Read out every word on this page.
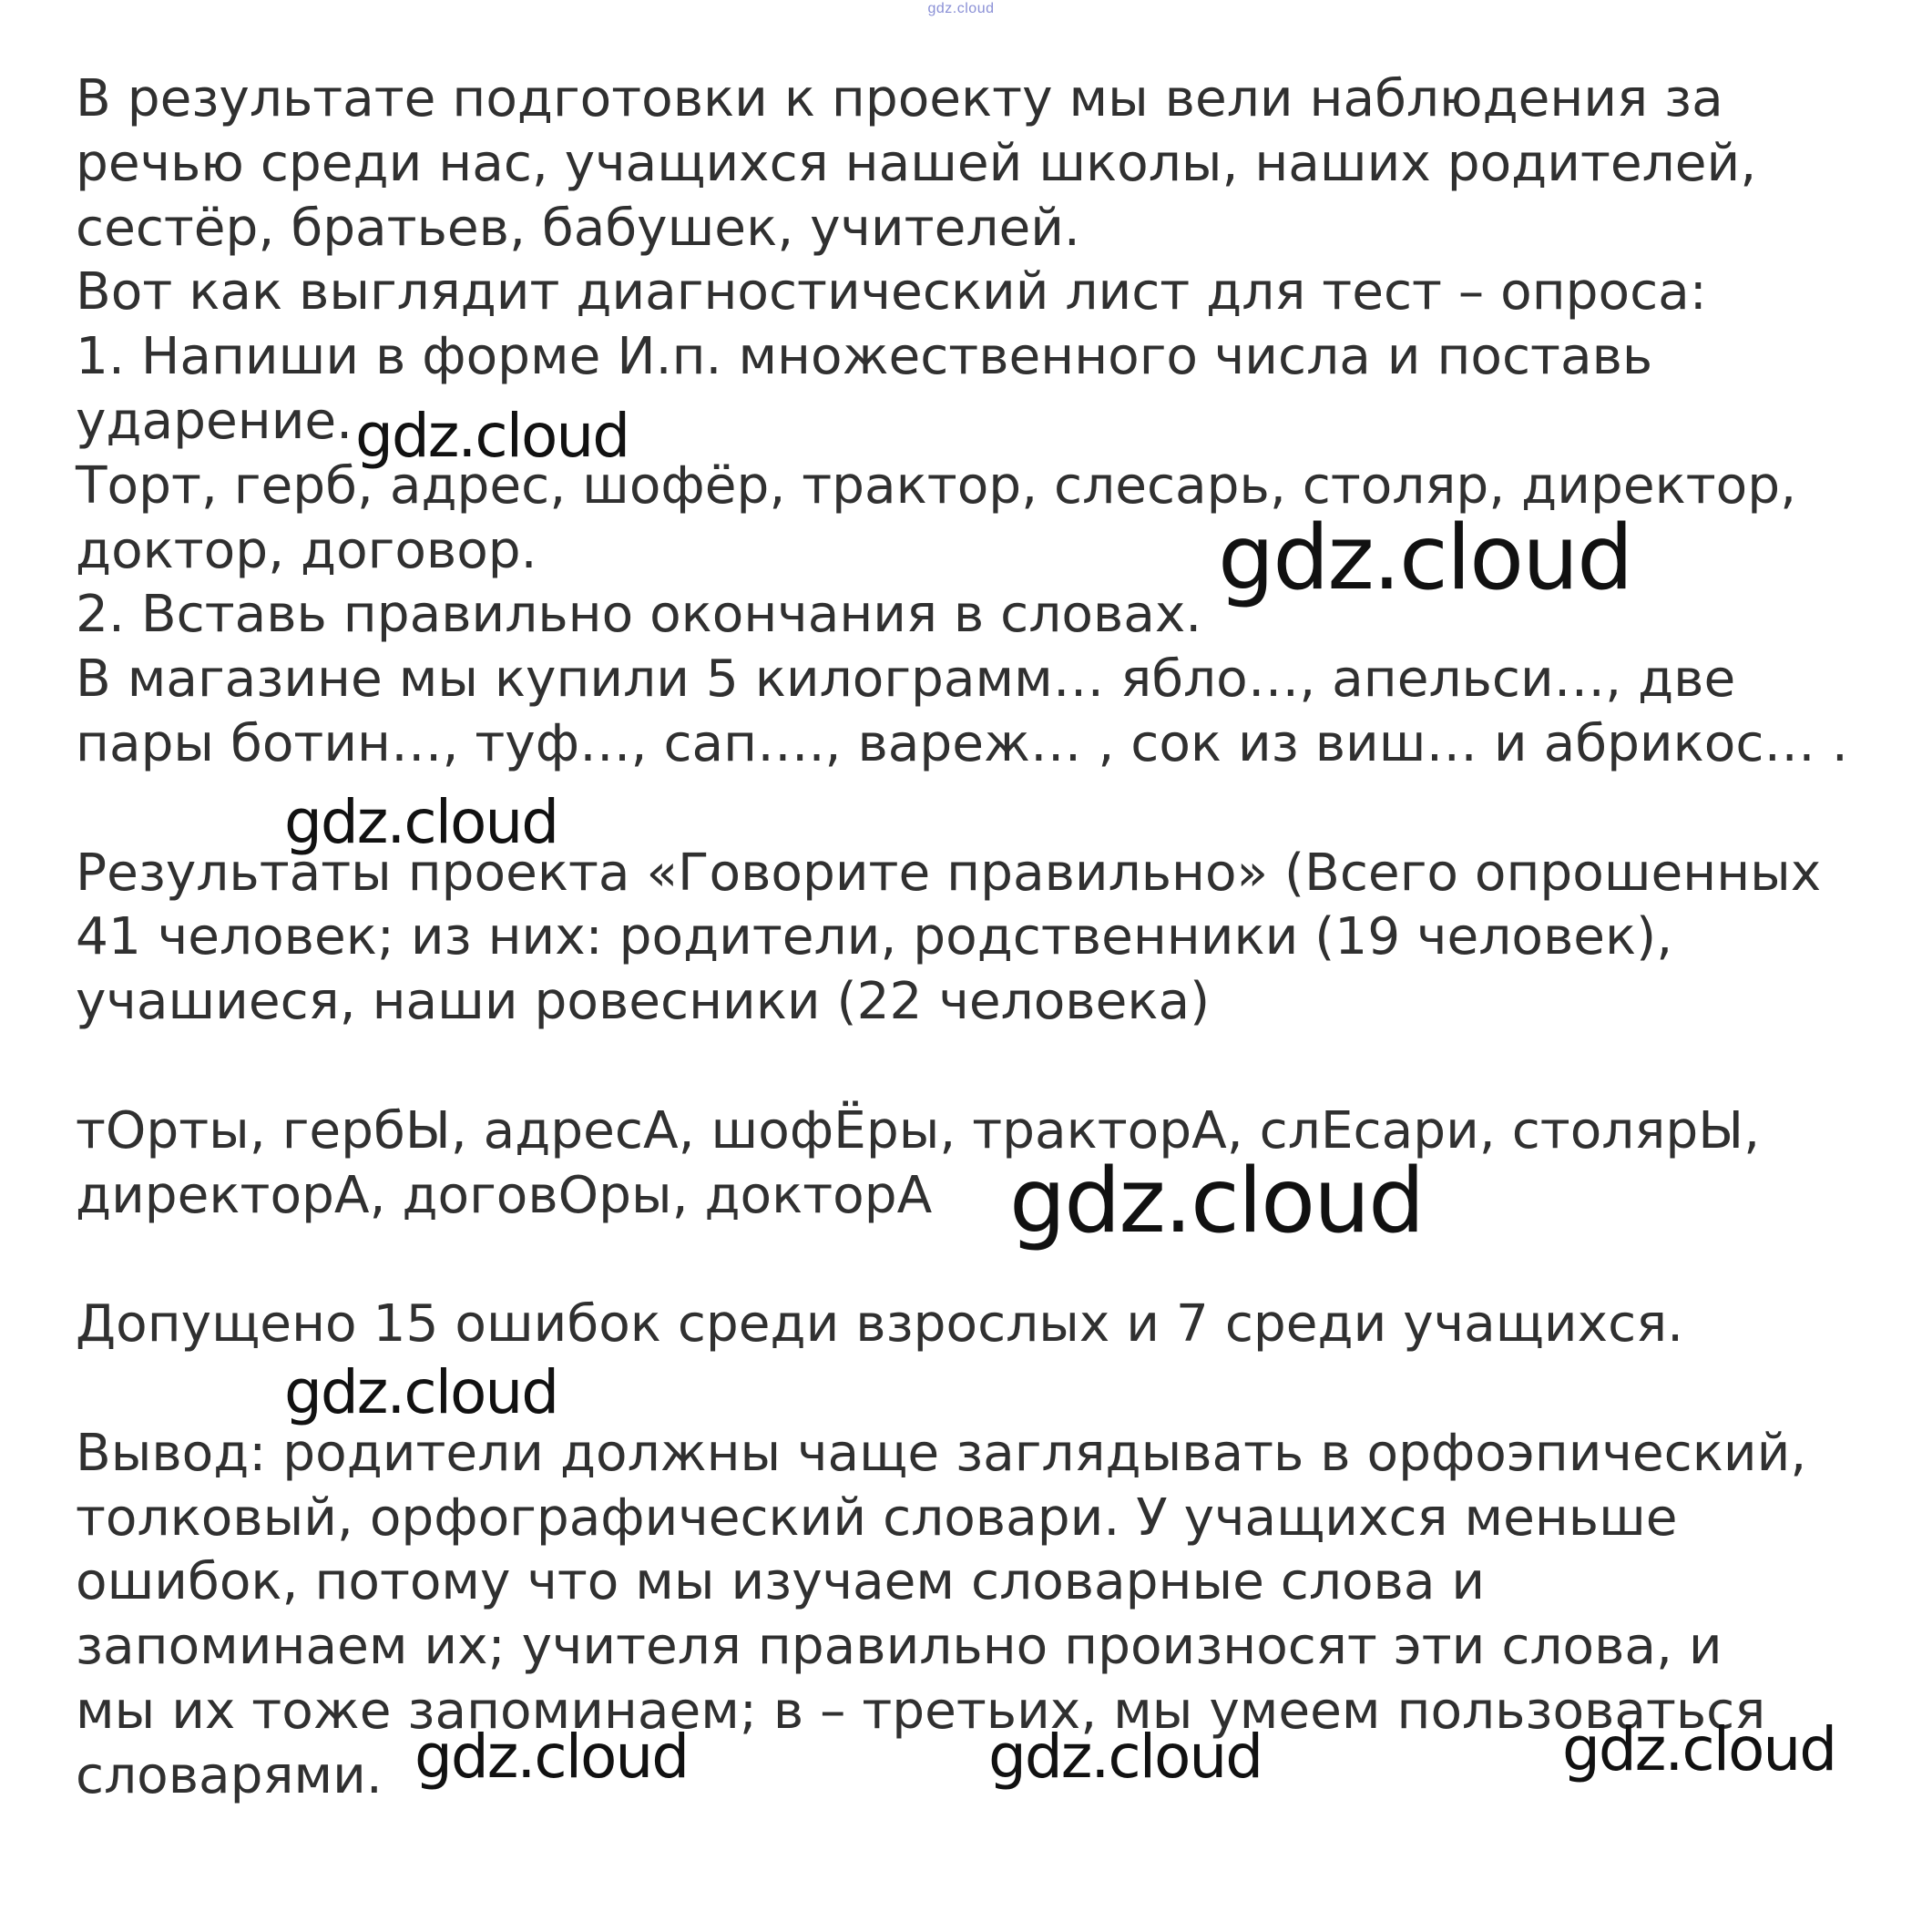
gdz.cloud

В результате подготовки к проекту мы вели наблюдения за

речью среди нас, учащихся нашей школы, наших родителей,

сестёр, братьев, бабушек, учителей.

Вот как выглядит диагностический лист для тест – опроса:

1. Напиши в форме И.п. множественного числа и поставь

ударение.

Торт, герб, адрес, шофёр, трактор, слесарь, столяр, директор,

доктор, договор.

2. Вставь правильно окончания в словах.

В магазине мы купили 5 килограмм… ябло…, апельси…, две

пары ботин…, туф…, сап…., вареж… , сок из виш… и абрикос… .

Результаты проекта «Говорите правильно» (Всего опрошенных

41 человек; из них: родители, родственники (19 человек),

учашиеся, наши ровесники (22 человека)

тОрты, гербЫ, адресА, шофЁры, тракторА, слЕсари, столярЫ,

директорА, договОры, докторА

Допущено 15 ошибок среди взрослых и 7 среди учащихся.

Вывод: родители должны чаще заглядывать в орфоэпический,

толковый, орфографический словари. У учащихся меньше

ошибок, потому что мы изучаем словарные слова и

запоминаем их; учителя правильно произносят эти слова, и

мы их тоже запоминаем; в – третьих, мы умеем пользоваться

словарями.

gdz.cloud
gdz.cloud
gdz.cloud
gdz.cloud
gdz.cloud
gdz.cloud	gdz.cloud	gdz.cloud
